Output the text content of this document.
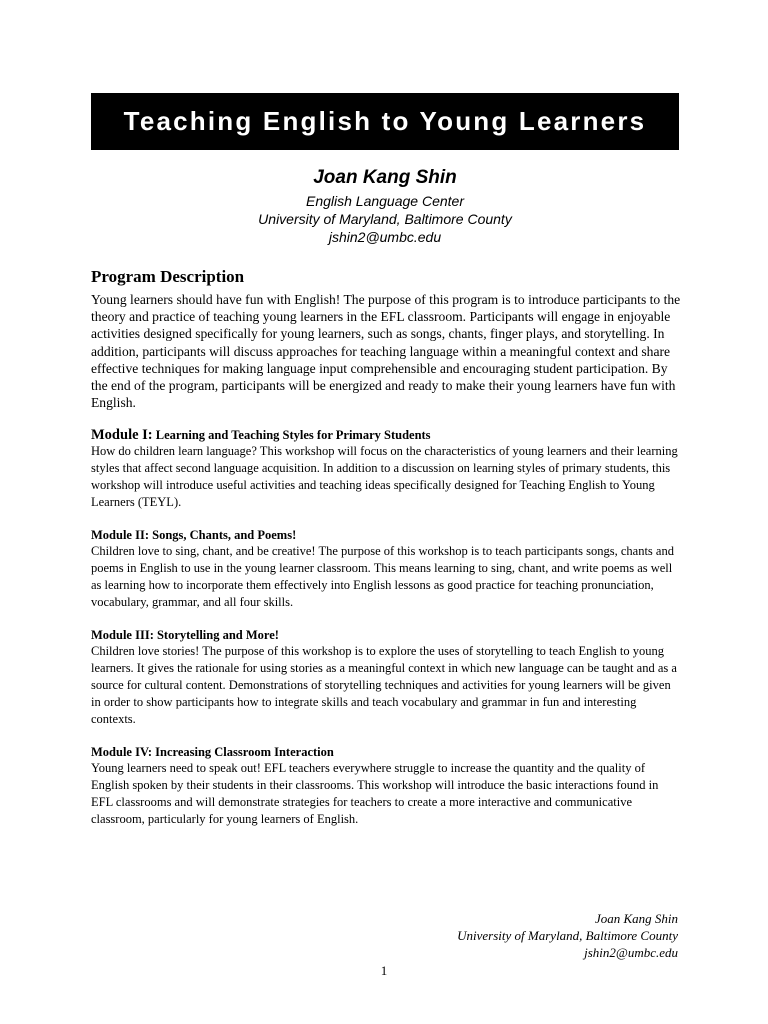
Teaching English to Young Learners
Joan Kang Shin
English Language Center
University of Maryland, Baltimore County
jshin2@umbc.edu
Program Description

Young learners should have fun with English! The purpose of this program is to introduce participants to the theory and practice of teaching young learners in the EFL classroom. Participants will engage in enjoyable activities designed specifically for young learners, such as songs, chants, finger plays, and storytelling. In addition, participants will discuss approaches for teaching language within a meaningful context and share effective techniques for making language input comprehensible and encouraging student participation. By the end of the program, participants will be energized and ready to make their young learners have fun with English.

Module I: Learning and Teaching Styles for Primary Students

How do children learn language? This workshop will focus on the characteristics of young learners and their learning styles that affect second language acquisition. In addition to a discussion on learning styles of primary students, this workshop will introduce useful activities and teaching ideas specifically designed for Teaching English to Young Learners (TEYL).

Module II: Songs, Chants, and Poems!

Children love to sing, chant, and be creative! The purpose of this workshop is to teach participants songs, chants and poems in English to use in the young learner classroom. This means learning to sing, chant, and write poems as well as learning how to incorporate them effectively into English lessons as good practice for teaching pronunciation, vocabulary, grammar, and all four skills.

Module III: Storytelling and More!

Children love stories! The purpose of this workshop is to explore the uses of storytelling to teach English to young learners. It gives the rationale for using stories as a meaningful context in which new language can be taught and as a source for cultural content. Demonstrations of storytelling techniques and activities for young learners will be given in order to show participants how to integrate skills and teach vocabulary and grammar in fun and interesting contexts.

Module IV: Increasing Classroom Interaction

Young learners need to speak out! EFL teachers everywhere struggle to increase the quantity and the quality of English spoken by their students in their classrooms. This workshop will introduce the basic interactions found in EFL classrooms and will demonstrate strategies for teachers to create a more interactive and communicative classroom, particularly for young learners of English.

Joan Kang Shin
University of Maryland, Baltimore County
jshin2@umbc.edu
1
